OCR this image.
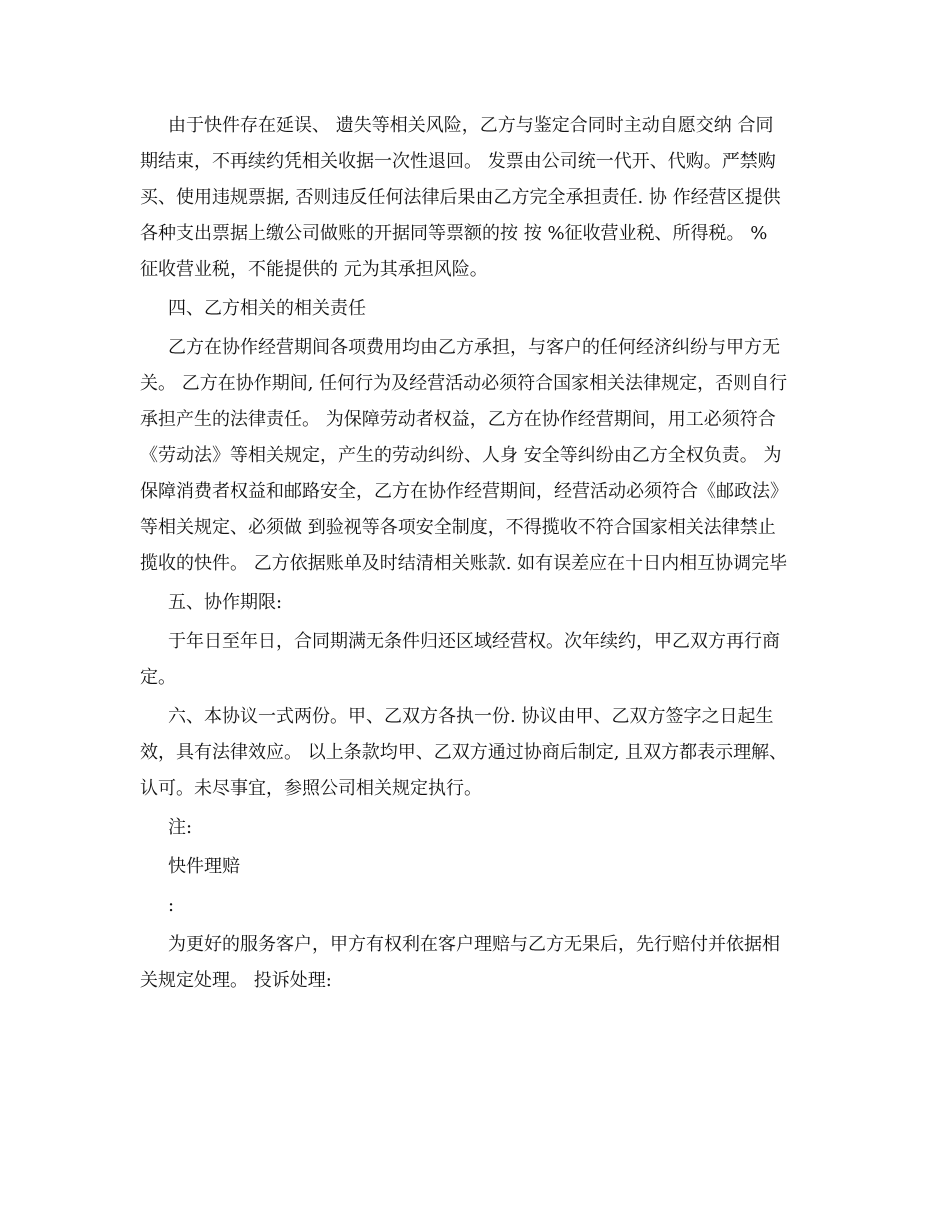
由于快件存在延误、 遗失等相关风险，乙方与鉴定合同时主动自愿交纳 合同
期结束，不再续约凭相关收据一次性退回。 发票由公司统一代开、代购。严禁购
买、使用违规票据, 否则违反任何法律后果由乙方完全承担责任. 协 作经营区提供
各种支出票据上缴公司做账的开据同等票额的按 按 %征收营业税、所得税。 %
征收营业税，不能提供的 元为其承担风险。
四、乙方相关的相关责任
乙方在协作经营期间各项费用均由乙方承担，与客户的任何经济纠纷与甲方无
关。 乙方在协作期间, 任何行为及经营活动必须符合国家相关法律规定，否则自行
承担产生的法律责任。 为保障劳动者权益，乙方在协作经营期间，用工必须符合
《劳动法》等相关规定，产生的劳动纠纷、人身 安全等纠纷由乙方全权负责。 为
保障消费者权益和邮路安全，乙方在协作经营期间，经营活动必须符合《邮政法》
等相关规定、必须做 到验视等各项安全制度，不得揽收不符合国家相关法律禁止
揽收的快件。 乙方依据账单及时结清相关账款. 如有误差应在十日内相互协调完毕
五、协作期限:
于年日至年日，合同期满无条件归还区域经营权。次年续约，甲乙双方再行商
定。
六、本协议一式两份。甲、乙双方各执一份. 协议由甲、乙双方签字之日起生
效，具有法律效应。 以上条款均甲、乙双方通过协商后制定, 且双方都表示理解、
认可。未尽事宜，参照公司相关规定执行。
注:
快件理赔
:
为更好的服务客户，甲方有权利在客户理赔与乙方无果后，先行赔付并依据相
关规定处理。 投诉处理:
